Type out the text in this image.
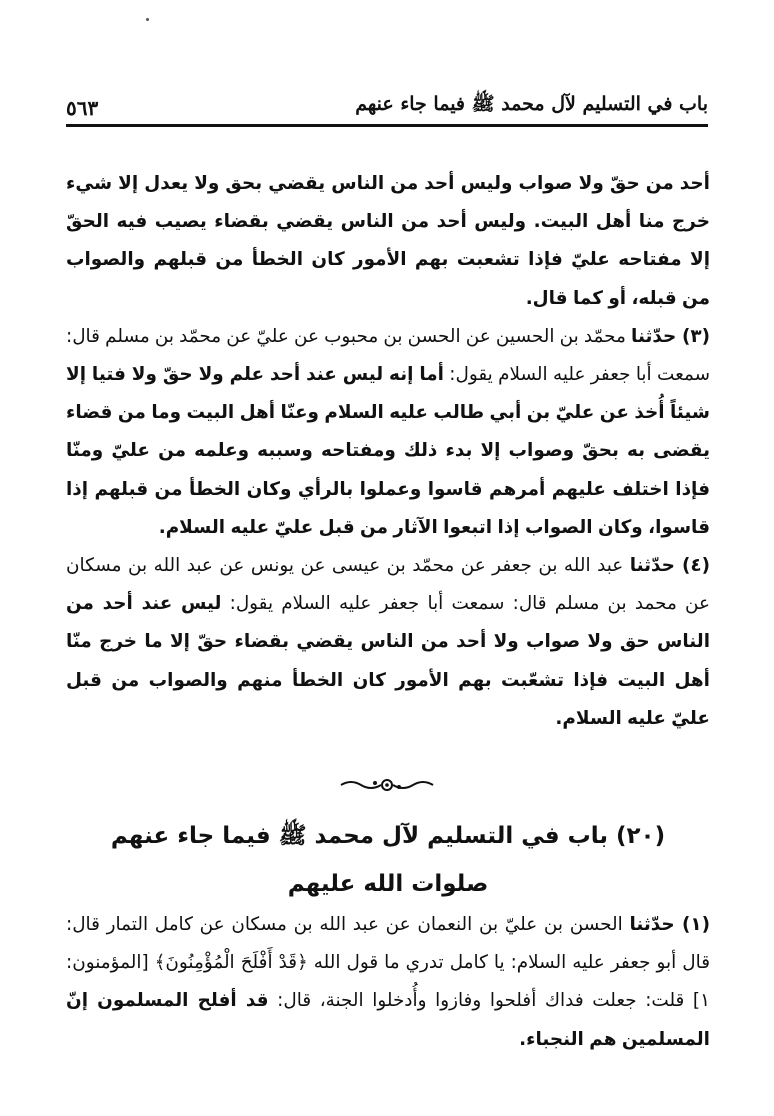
باب في التسليم لآل محمد ﷺ فيما جاء عنهم
٥٦٣

أحد من حقّ ولا صواب وليس أحد من الناس يقضي بحق ولا يعدل إلا شيء خرج منا أهل البيت. وليس أحد من الناس يقضي بقضاء يصيب فيه الحقّ إلا مفتاحه عليّ فإذا تشعبت بهم الأمور كان الخطأ من قبلهم والصواب من قبله، أو كما قال.

(٣) حدّثنا محمّد بن الحسين عن الحسن بن محبوب عن عليّ عن محمّد بن مسلم قال: سمعت أبا جعفر عليه السلام يقول: أما إنه ليس عند أحد علم ولا حقّ ولا فتيا إلا شيئاً أُخذ عن عليّ بن أبي طالب عليه السلام وعنّا أهل البيت وما من قضاء يقضى به بحقّ وصواب إلا بدء ذلك ومفتاحه وسببه وعلمه من عليّ ومنّا فإذا اختلف عليهم أمرهم قاسوا وعملوا بالرأي وكان الخطأ من قبلهم إذا قاسوا، وكان الصواب إذا اتبعوا الآثار من قبل عليّ عليه السلام.

(٤) حدّثنا عبد الله بن جعفر عن محمّد بن عيسى عن يونس عن عبد الله بن مسكان عن محمد بن مسلم قال: سمعت أبا جعفر عليه السلام يقول: ليس عند أحد من الناس حق ولا صواب ولا أحد من الناس يقضي بقضاء حقّ إلا ما خرج منّا أهل البيت فإذا تشعّبت بهم الأمور كان الخطأ منهم والصواب من قبل عليّ عليه السلام.

(٢٠) باب في التسليم لآل محمد ﷺ فيما جاء عنهم

صلوات الله عليهم

(١) حدّثنا الحسن بن عليّ بن النعمان عن عبد الله بن مسكان عن كامل التمار قال: قال أبو جعفر عليه السلام: يا كامل تدري ما قول الله ﴿قَدْ أَفْلَحَ الْمُؤْمِنُونَ﴾ [المؤمنون: ١] قلت: جعلت فداك أفلحوا وفازوا وأُدخلوا الجنة، قال: قد أفلح المسلمون إنّ المسلمين هم النجباء.
